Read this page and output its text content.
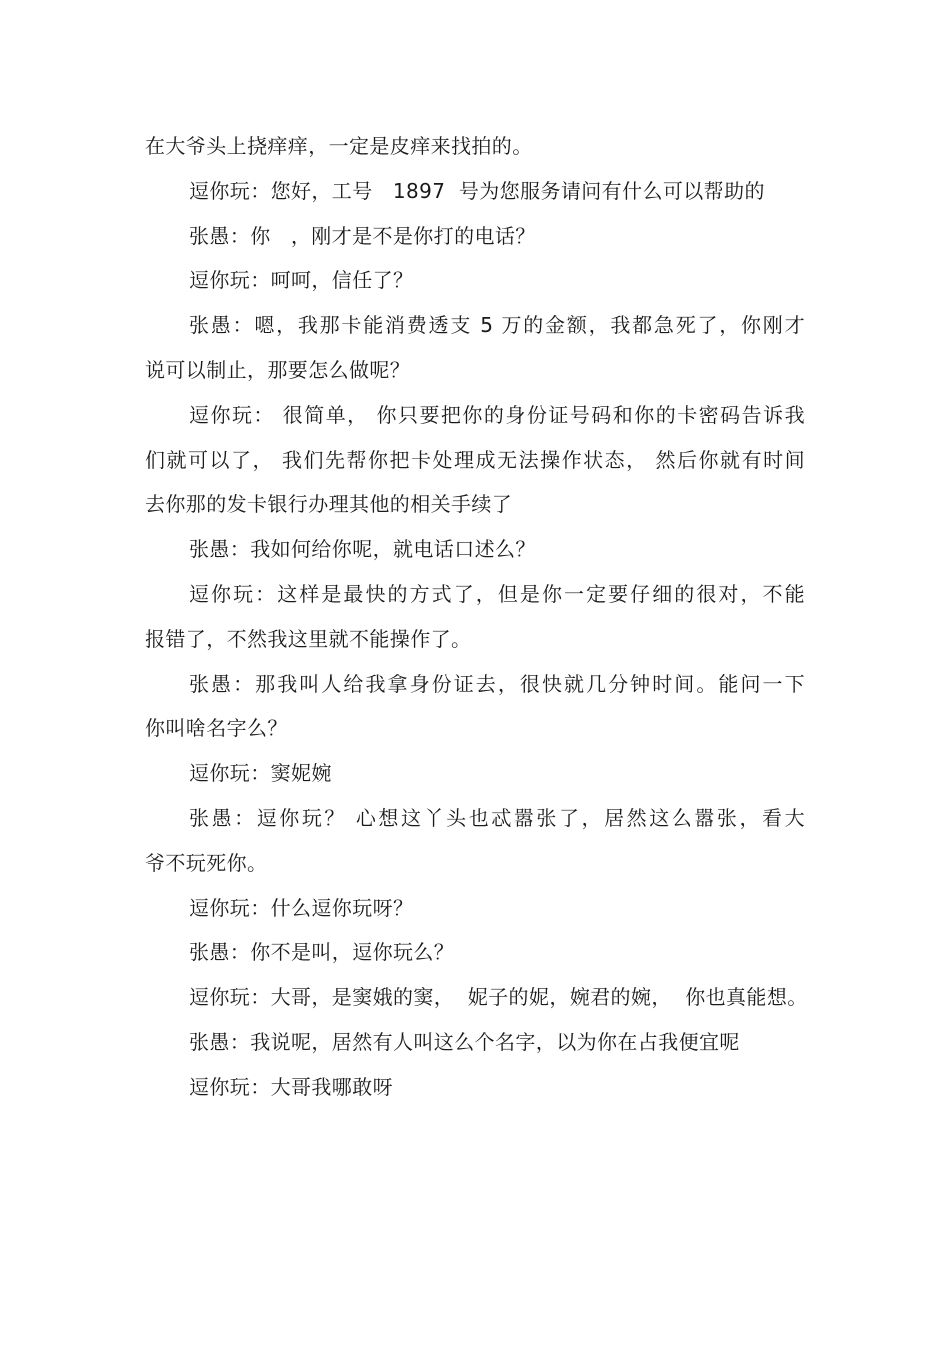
在大爷头上挠痒痒，一定是皮痒来找拍的。
逗你玩：您好，工号   1897  号为您服务请问有什么可以帮助的
张愚：你   ，刚才是不是你打的电话？
逗你玩：呵呵，信任了？
张愚：嗯，我那卡能消费透支 5 万的金额，我都急死了，你刚才
说可以制止，那要怎么做呢？
逗你玩： 很简单， 你只要把你的身份证号码和你的卡密码告诉我
们就可以了， 我们先帮你把卡处理成无法操作状态， 然后你就有时间
去你那的发卡银行办理其他的相关手续了
张愚：我如何给你呢，就电话口述么？
逗你玩：这样是最快的方式了，但是你一定要仔细的很对，不能
报错了，不然我这里就不能操作了。
张愚：那我叫人给我拿身份证去，很快就几分钟时间。能问一下
你叫啥名字么？
逗你玩：窦妮婉
张愚：逗你玩？ 心想这丫头也忒嚣张了，居然这么嚣张，看大
爷不玩死你。
逗你玩：什么逗你玩呀？
张愚：你不是叫，逗你玩么？
逗你玩：大哥，是窦娥的窦，  妮子的妮，婉君的婉，  你也真能想。
张愚：我说呢，居然有人叫这么个名字，以为你在占我便宜呢
逗你玩：大哥我哪敢呀
